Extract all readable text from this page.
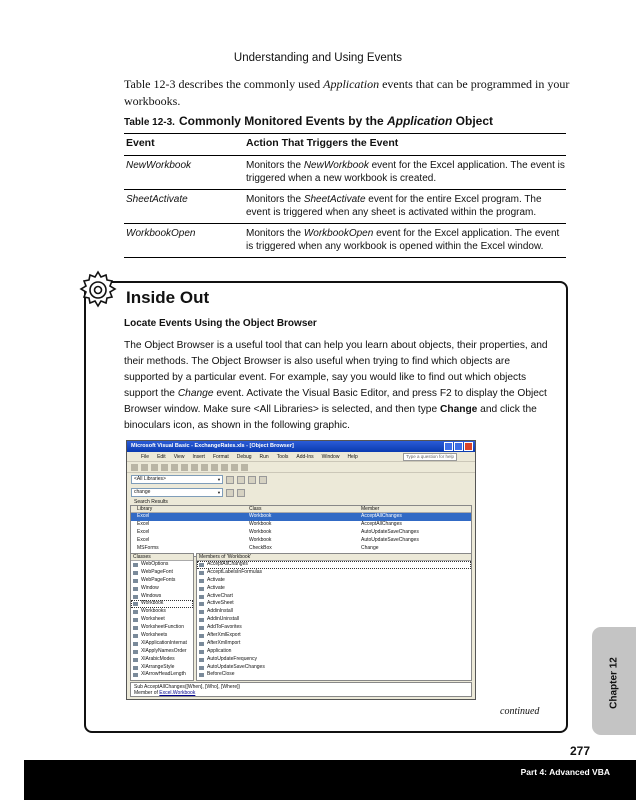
Understanding and Using Events

Table 12-3 describes the commonly used Application events that can be programmed in your workbooks.

Table 12-3. Commonly Monitored Events by the Application Object
Event	Action That Triggers the Event
NewWorkbook	Monitors the NewWorkbook event for the Excel application. The event is triggered when a new workbook is created.
SheetActivate	Monitors the SheetActivate event for the entire Excel program. The event is triggered when any sheet is activated within the program.
WorkbookOpen	Monitors the WorkbookOpen event for the Excel application. The event is triggered when any workbook is opened within the Excel window.
Inside Out
Locate Events Using the Object Browser

The Object Browser is a useful tool that can help you learn about objects, their properties, and their methods. The Object Browser is also useful when trying to find which objects are supported by a particular event. For example, say you would like to find out which objects support the Change event. Activate the Visual Basic Editor, and press F2 to display the Object Browser window. Make sure <All Libraries> is selected, and then type Change and click the binoculars icon, as shown in the following graphic.

Microsoft Visual Basic - ExchangeRates.xls - [Object Browser]
File Edit View Insert Format Debug Run Tools Add-Ins Window Help	Type a question for help
<All Libraries> ▼
change ▼
Search Results
Library	Class	Member
Excel	Workbook	AcceptAllChanges
Excel	Workbook	AcceptAllChanges
Excel	Workbook	AutoUpdateSaveChanges
Excel	Workbook	AutoUpdateSaveChanges
MSForms	CheckBox	Change
Classes
WebOptions
WebPageFont
WebPageFonts
Window
Windows
Workbook
Workbooks
Worksheet
WorksheetFunction
Worksheets
XlApplicationInternat
XlApplyNamesOrder
XlArabicModes
XlArrangeStyle
XlArrowHeadLength
Members of 'Workbook'
AcceptAllChanges
AcceptLabelsInFormulas
Activate
Activate
ActiveChart
ActiveSheet
AddinInstall
AddinUninstall
AddToFavorites
AfterXmlExport
AfterXmlImport
Application
AutoUpdateFrequency
AutoUpdateSaveChanges
BeforeClose
Sub AcceptAllChanges([When], [Who], [Where])
Member of Excel.Workbook
continued
277
Chapter 12
Part 4: Advanced VBA
